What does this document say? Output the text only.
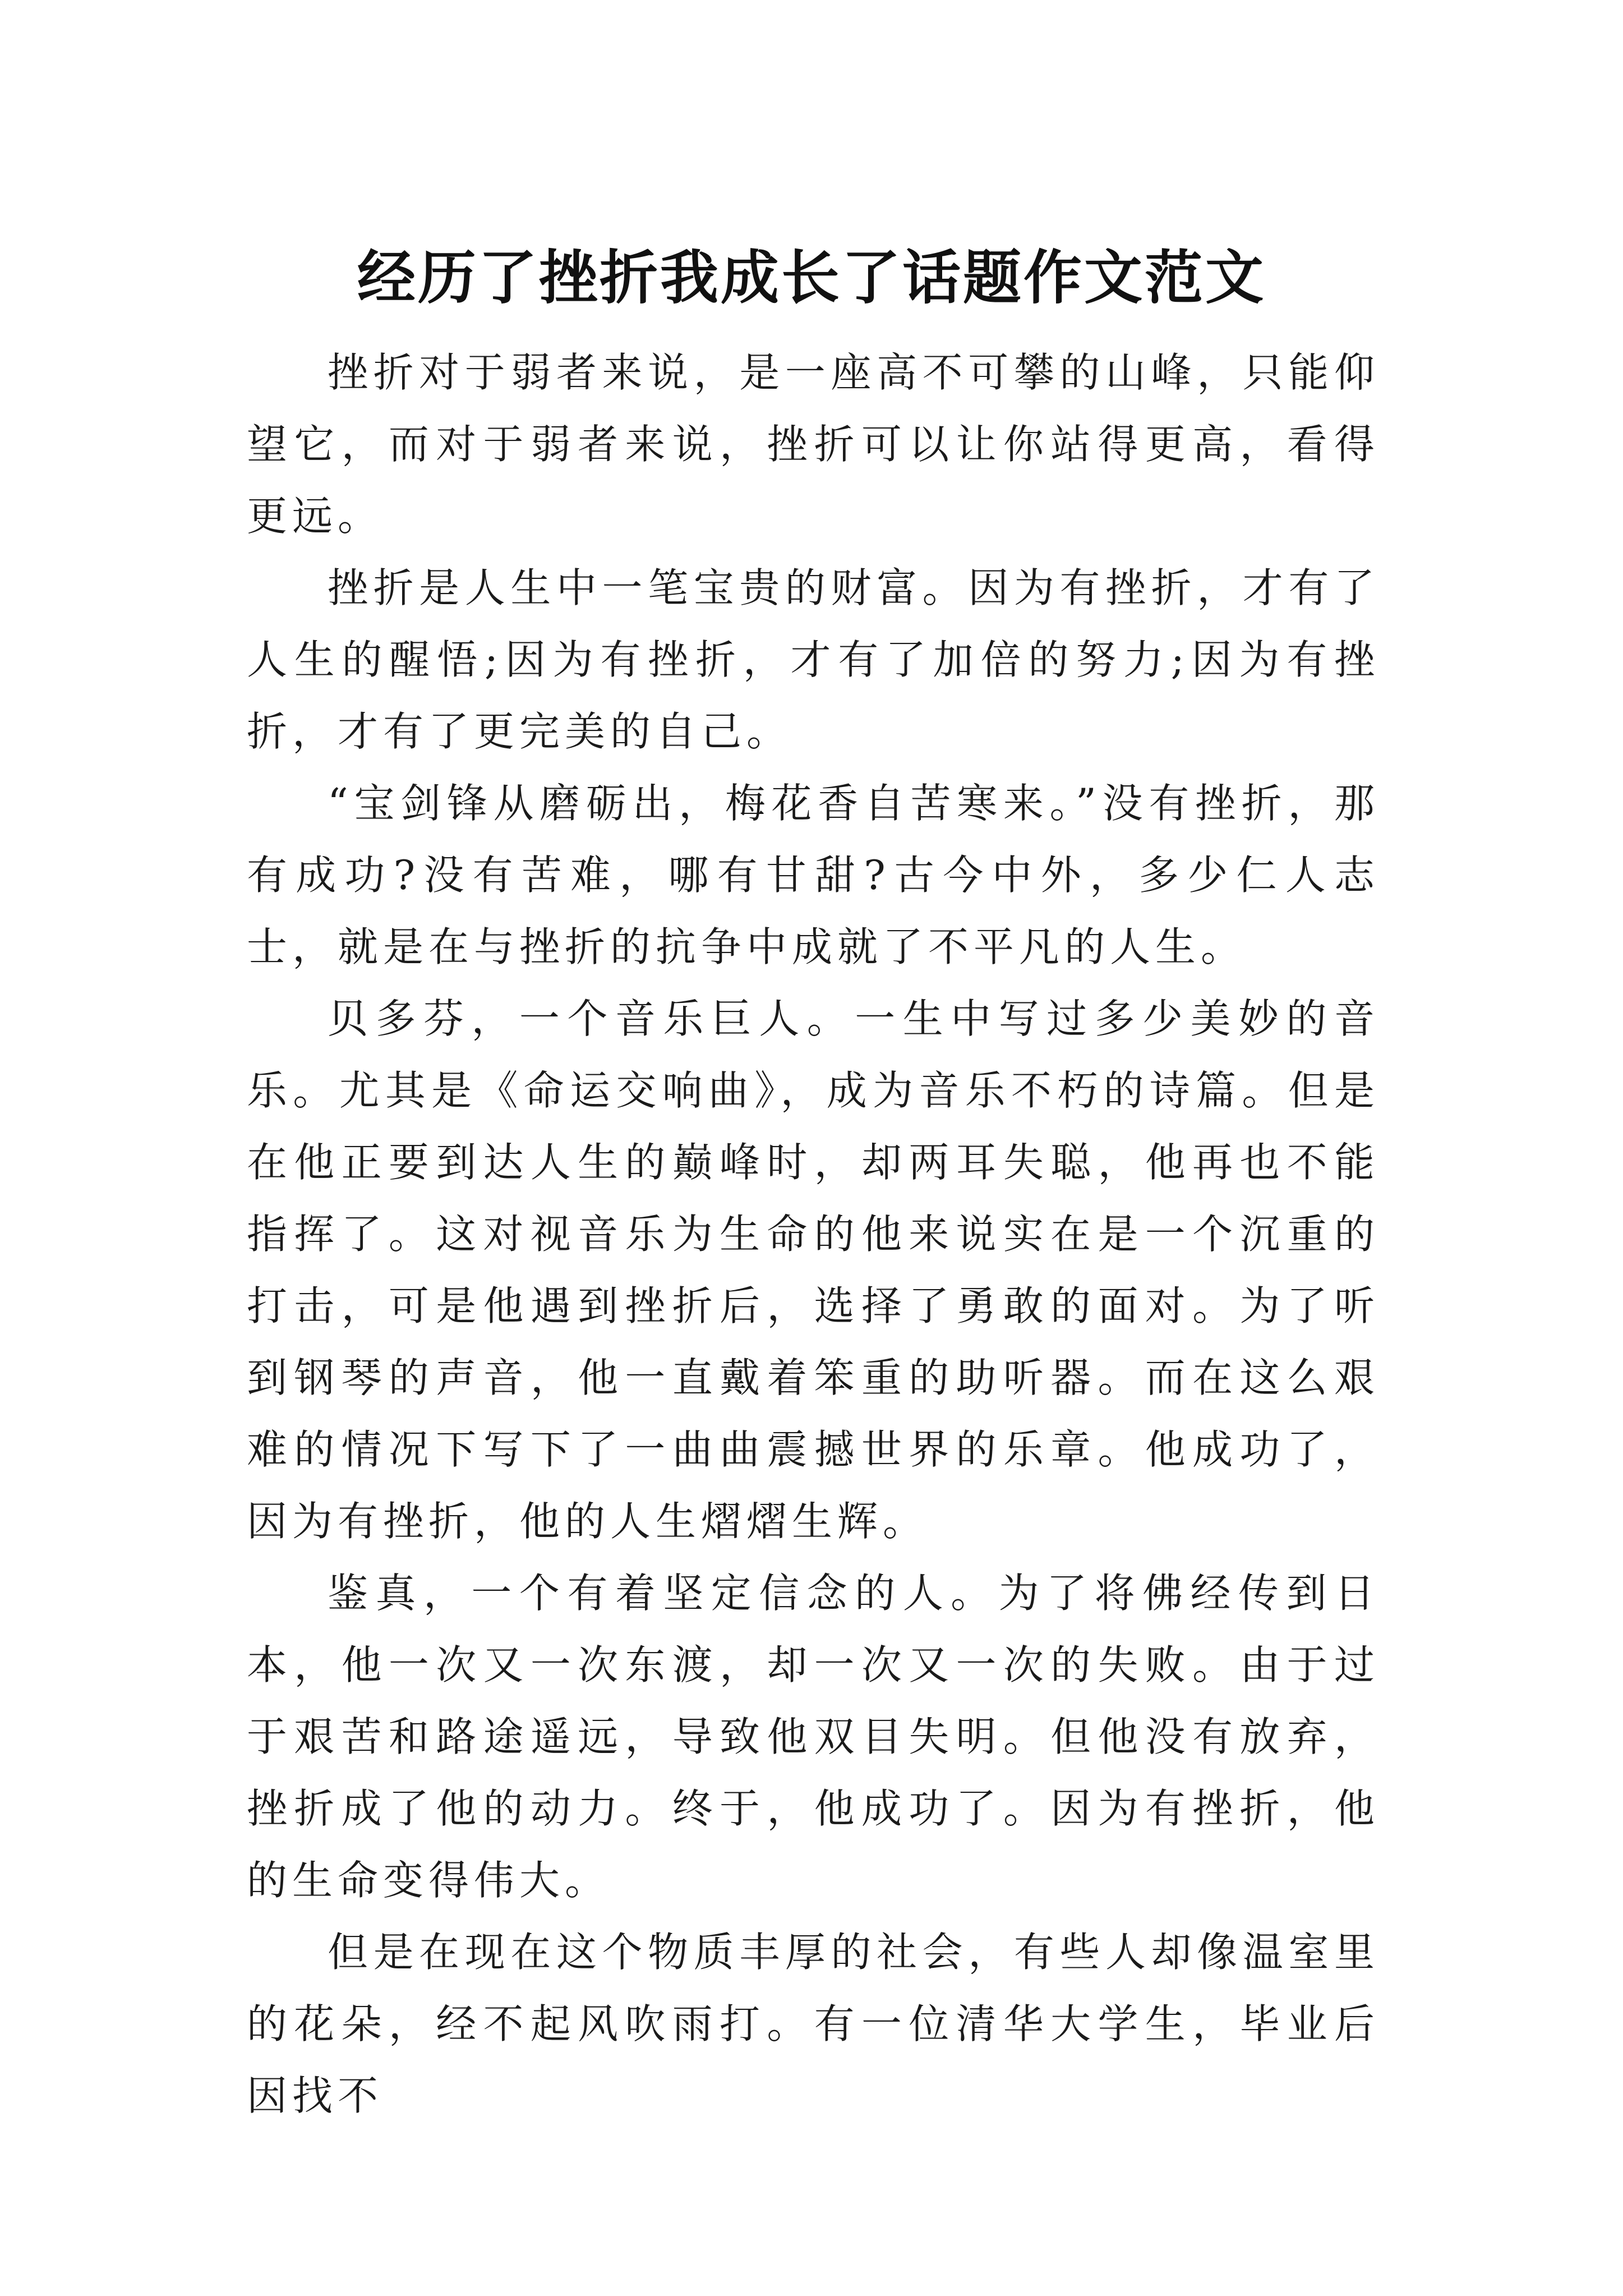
经历了挫折我成长了话题作文范文

挫折对于弱者来说，是一座高不可攀的山峰，只能仰望它，而对于弱者来说，挫折可以让你站得更高，看得更远。

挫折是人生中一笔宝贵的财富。因为有挫折，才有了人生的醒悟;因为有挫折，才有了加倍的努力;因为有挫折，才有了更完美的自己。

“宝剑锋从磨砺出，梅花香自苦寒来。”没有挫折，那有成功?没有苦难，哪有甘甜?古今中外，多少仁人志士，就是在与挫折的抗争中成就了不平凡的人生。

贝多芬，一个音乐巨人。一生中写过多少美妙的音乐。尤其是《命运交响曲》，成为音乐不朽的诗篇。但是在他正要到达人生的巅峰时，却两耳失聪，他再也不能指挥了。这对视音乐为生命的他来说实在是一个沉重的打击，可是他遇到挫折后，选择了勇敢的面对。为了听到钢琴的声音，他一直戴着笨重的助听器。而在这么艰难的情况下写下了一曲曲震撼世界的乐章。他成功了，因为有挫折，他的人生熠熠生辉。

鉴真，一个有着坚定信念的人。为了将佛经传到日本，他一次又一次东渡，却一次又一次的失败。由于过于艰苦和路途遥远，导致他双目失明。但他没有放弃，挫折成了他的动力。终于，他成功了。因为有挫折，他的生命变得伟大。

但是在现在这个物质丰厚的社会，有些人却像温室里的花朵，经不起风吹雨打。有一位清华大学生，毕业后因找不
